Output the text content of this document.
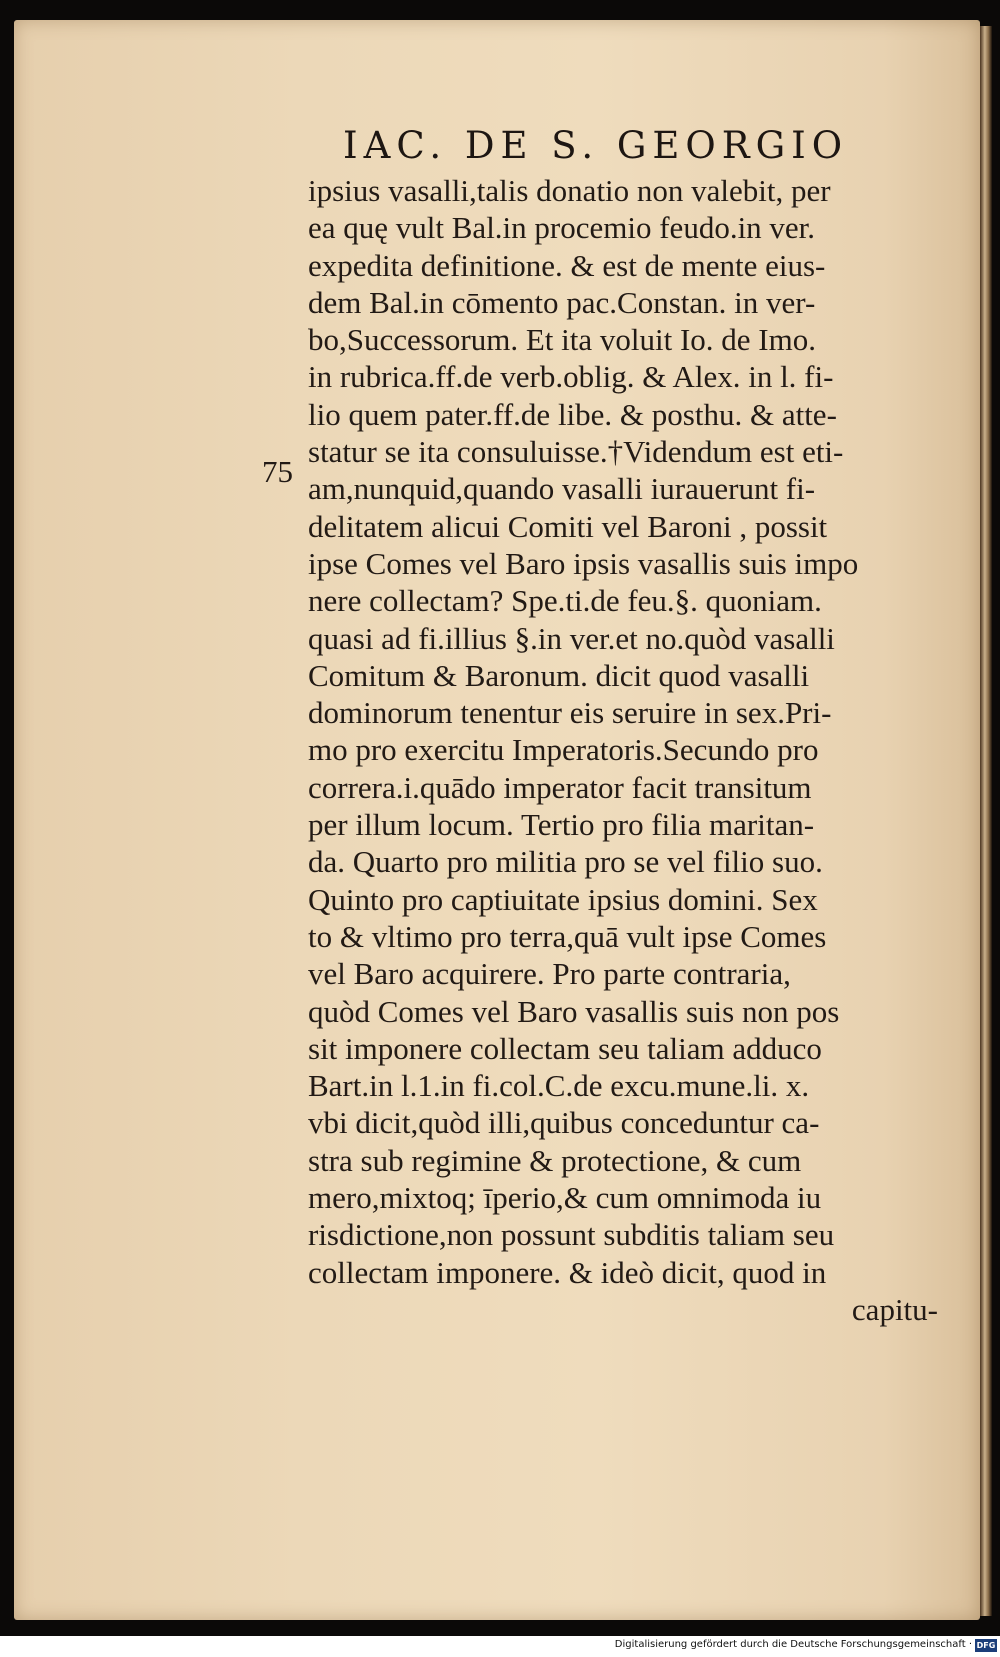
IAC. DE S. GEORGIO
75
ipsius vasalli,talis donatio non valebit, per
ea quę vult Bal.in procemio feudo.in ver.
expedita definitione. & est de mente eius-
dem Bal.in cōmento pac.Constan. in ver-
bo,Successorum. Et ita voluit Io. de Imo.
in rubrica.ff.de verb.oblig. & Alex. in l. fi-
lio quem pater.ff.de libe. & posthu. & atte-
statur se ita consuluisse.†Videndum est eti-
am,nunquid,quando vasalli iurauerunt fi-
delitatem alicui Comiti vel Baroni , possit
ipse Comes vel Baro ipsis vasallis suis impo
nere collectam? Spe.ti.de feu.§. quoniam.
quasi ad fi.illius §.in ver.et no.quòd vasalli
Comitum & Baronum. dicit quod vasalli
dominorum tenentur eis seruire in sex.Pri-
mo pro exercitu Imperatoris.Secundo pro
correra.i.quādo imperator facit transitum
per illum locum. Tertio pro filia maritan-
da. Quarto pro militia pro se vel filio suo.
Quinto pro captiuitate ipsius domini. Sex
to & vltimo pro terra,quā vult ipse Comes
vel Baro acquirere. Pro parte contraria,
quòd Comes vel Baro vasallis suis non pos
sit imponere collectam seu taliam adduco
Bart.in l.1.in fi.col.C.de excu.mune.li. x.
vbi dicit,quòd illi,quibus conceduntur ca-
stra sub regimine & protectione, & cum
mero,mixtoq; īperio,& cum omnimoda iu
risdictione,non possunt subditis taliam seu
collectam imponere. & ideò dicit, quod in
capitu-
Digitalisierung gefördert durch die Deutsche Forschungsgemeinschaft · DFG
